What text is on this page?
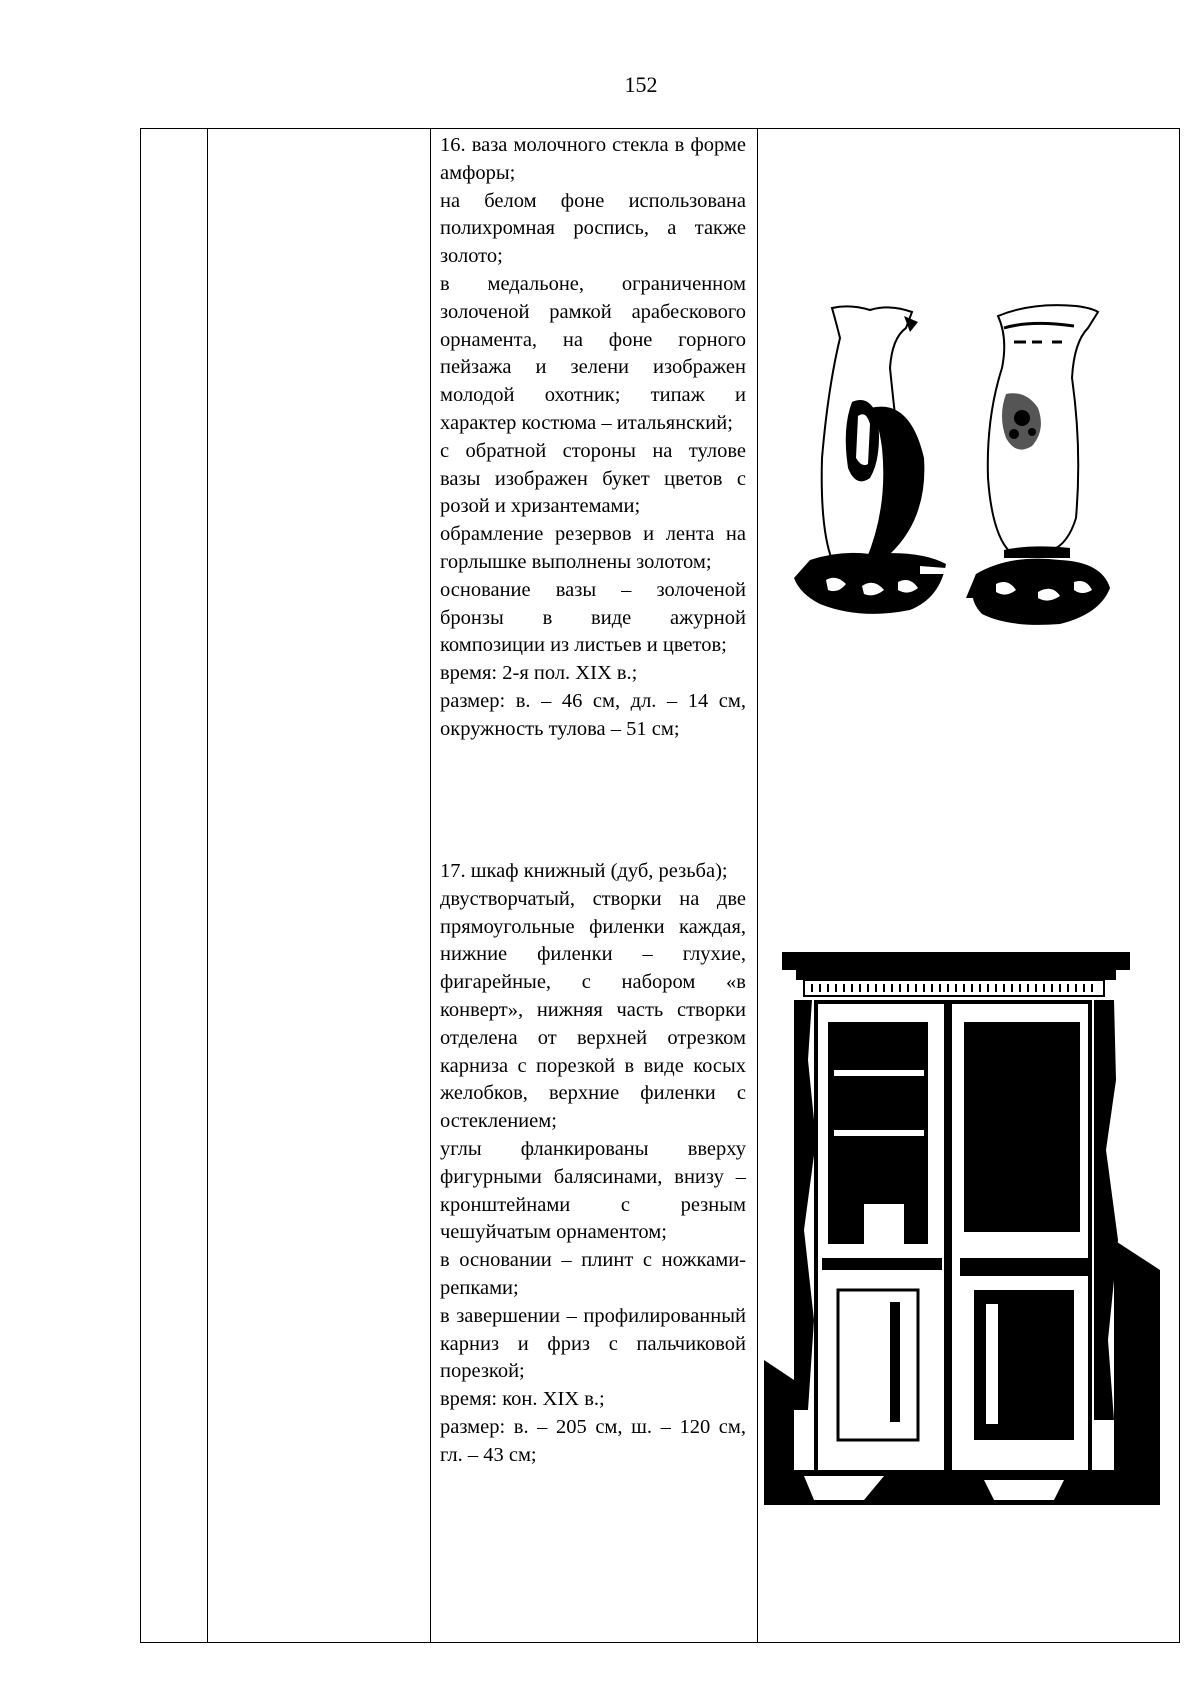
152

16. ваза молочного стекла в форме амфоры;

на белом фоне использована полихромная роспись, а также золото;

в медальоне, ограниченном золоченой рамкой арабескового орнамента, на фоне горного пейзажа и зелени изображен молодой охотник; типаж и характер костюма – итальянский;

с обратной стороны на тулове вазы изображен букет цветов с розой и хризантемами;

обрамление резервов и лента на горлышке выполнены золотом;

основание вазы – золоченой бронзы в виде ажурной композиции из листьев и цветов;

время: 2-я пол. XIX в.;

размер: в. – 46 см, дл. – 14 см, окружность тулова – 51 см;

17. шкаф книжный (дуб, резьба);

двустворчатый, створки на две прямоугольные филенки каждая, нижние филенки – глухие, фигарейные, с набором «в конверт», нижняя часть створки отделена от верхней отрезком карниза с порезкой в виде косых желобков, верхние филенки с остеклением;

углы фланкированы вверху фигурными балясинами, внизу – кронштейнами с резным чешуйчатым орнаментом;

в основании – плинт с ножками-репками;

в завершении – профилированный карниз и фриз с пальчиковой порезкой;

время: кон. XIX в.;

размер: в. – 205 см, ш. – 120 см, гл. – 43 см;
